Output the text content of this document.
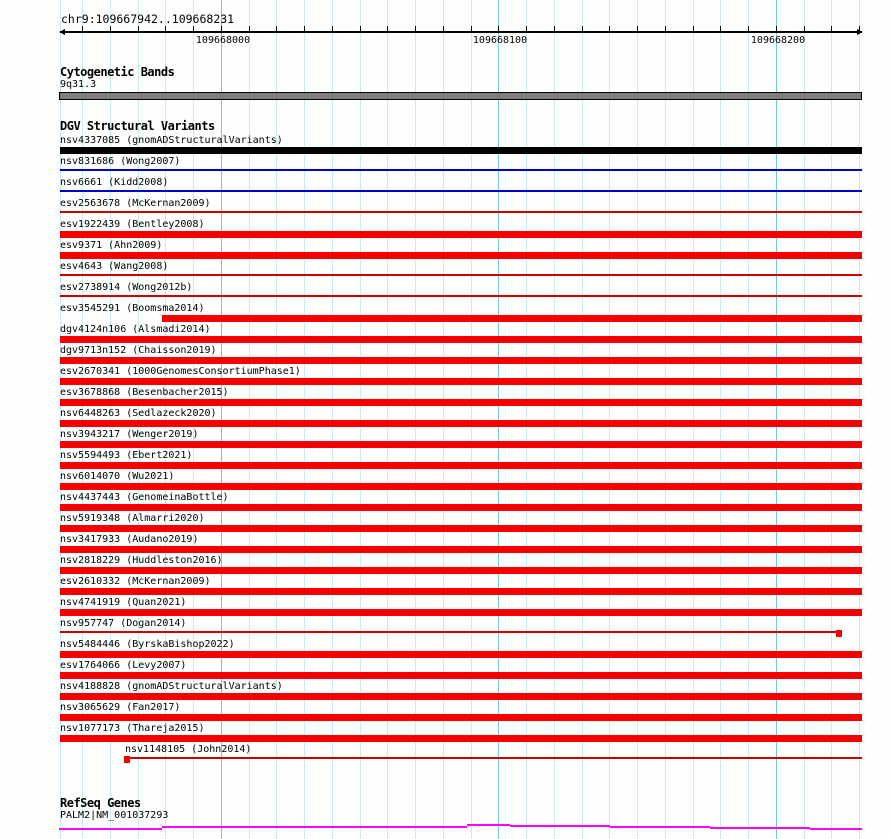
chr9:109667942..109668231
109668000	109668100	109668200
Cytogenetic Bands
9q31.3
DGV Structural Variants
nsv4337085 (gnomADStructuralVariants)
nsv831686 (Wong2007)
nsv6661 (Kidd2008)
esv2563678 (McKernan2009)
esv1922439 (Bentley2008)
esv9371 (Ahn2009)
esv4643 (Wang2008)
esv2738914 (Wong2012b)
esv3545291 (Boomsma2014)
dgv4124n106 (Alsmadi2014)
dgv9713n152 (Chaisson2019)
esv2670341 (1000GenomesConsortiumPhase1)
esv3678868 (Besenbacher2015)
nsv6448263 (Sedlazeck2020)
nsv3943217 (Wenger2019)
nsv5594493 (Ebert2021)
nsv6014070 (Wu2021)
nsv4437443 (GenomeinaBottle)
nsv5919348 (Almarri2020)
nsv3417933 (Audano2019)
nsv2818229 (Huddleston2016)
esv2610332 (McKernan2009)
nsv4741919 (Quan2021)
nsv957747 (Dogan2014)
nsv5484446 (ByrskaBishop2022)
esv1764066 (Levy2007)
nsv4188828 (gnomADStructuralVariants)
nsv3065629 (Fan2017)
nsv1077173 (Thareja2015)
nsv1148105 (John2014)
RefSeq Genes
PALM2|NM_001037293
